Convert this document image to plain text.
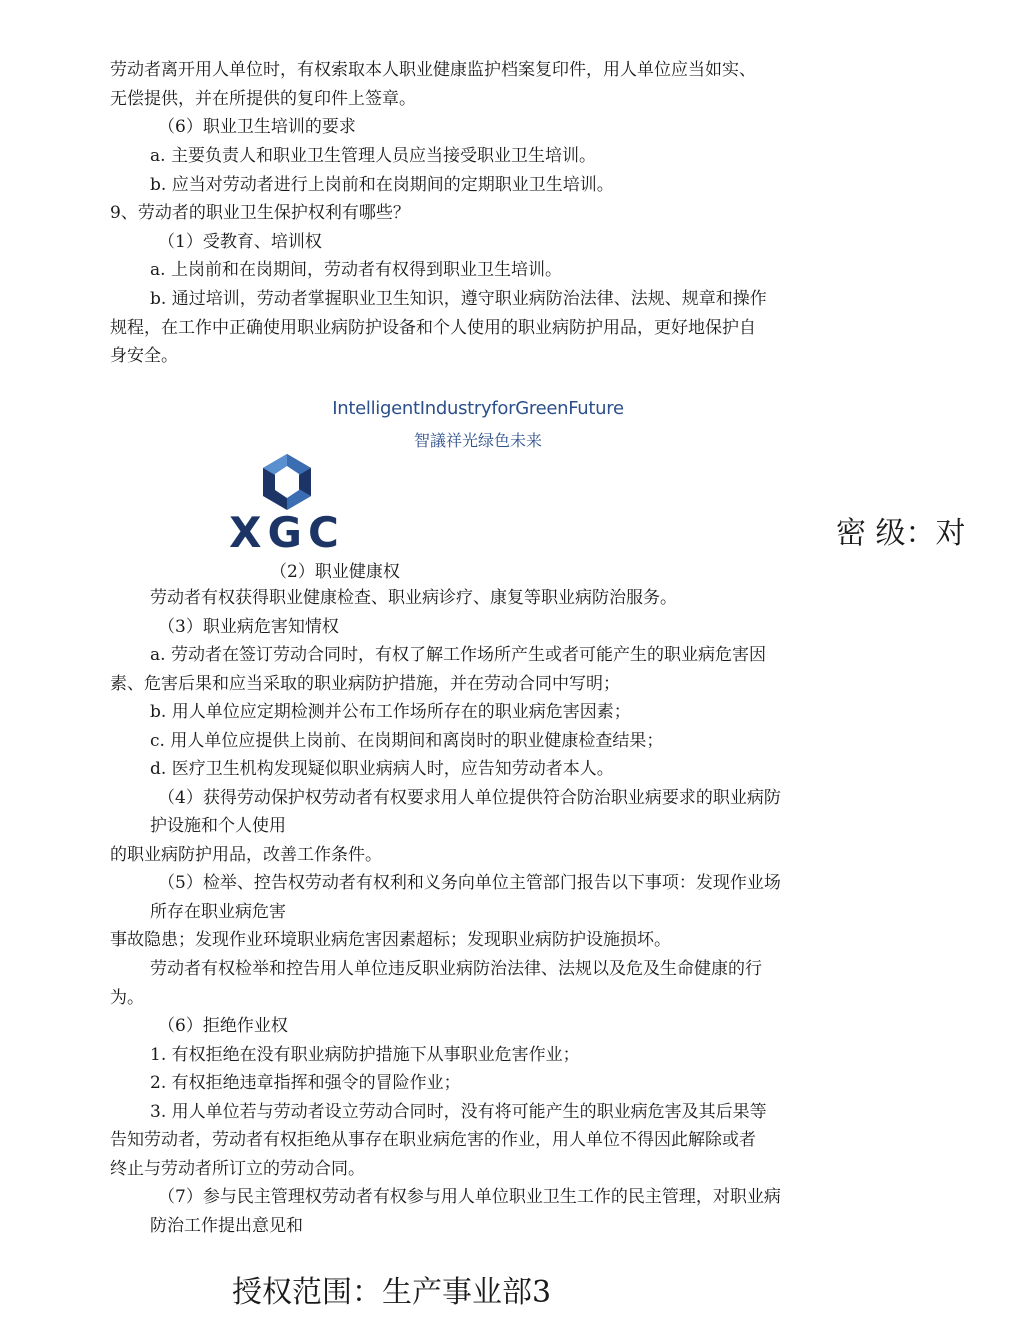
劳动者离开用人单位时，有权索取本人职业健康监护档案复印件，用人单位应当如实、
无偿提供，并在所提供的复印件上签章。
（6）职业卫生培训的要求
a. 主要负责人和职业卫生管理人员应当接受职业卫生培训。
b. 应当对劳动者进行上岗前和在岗期间的定期职业卫生培训。
9、劳动者的职业卫生保护权利有哪些？
（1）受教育、培训权
a. 上岗前和在岗期间，劳动者有权得到职业卫生培训。
b. 通过培训，劳动者掌握职业卫生知识，遵守职业病防治法律、法规、规章和操作
规程，在工作中正确使用职业病防护设备和个人使用的职业病防护用品，更好地保护自
身安全。
IntelligentIndustryforGreenFuture
智議祥光绿色未来
XGC	密 级：对
（2）职业健康权
劳动者有权获得职业健康检查、职业病诊疗、康复等职业病防治服务。
（3）职业病危害知情权
a. 劳动者在签订劳动合同时，有权了解工作场所产生或者可能产生的职业病危害因
素、危害后果和应当采取的职业病防护措施，并在劳动合同中写明；
b. 用人单位应定期检测并公布工作场所存在的职业病危害因素；
c. 用人单位应提供上岗前、在岗期间和离岗时的职业健康检查结果；
d. 医疗卫生机构发现疑似职业病病人时，应告知劳动者本人。
（4）获得劳动保护权劳动者有权要求用人单位提供符合防治职业病要求的职业病防
护设施和个人使用
的职业病防护用品，改善工作条件。
（5）检举、控告权劳动者有权利和义务向单位主管部门报告以下事项：发现作业场
所存在职业病危害
事故隐患；发现作业环境职业病危害因素超标；发现职业病防护设施损坏。
劳动者有权检举和控告用人单位违反职业病防治法律、法规以及危及生命健康的行
为。
（6）拒绝作业权
1. 有权拒绝在没有职业病防护措施下从事职业危害作业；
2. 有权拒绝违章指挥和强令的冒险作业；
3. 用人单位若与劳动者设立劳动合同时，没有将可能产生的职业病危害及其后果等
告知劳动者，劳动者有权拒绝从事存在职业病危害的作业，用人单位不得因此解除或者
终止与劳动者所订立的劳动合同。
（7）参与民主管理权劳动者有权参与用人单位职业卫生工作的民主管理，对职业病
防治工作提出意见和
授权范围：生产事业部3
